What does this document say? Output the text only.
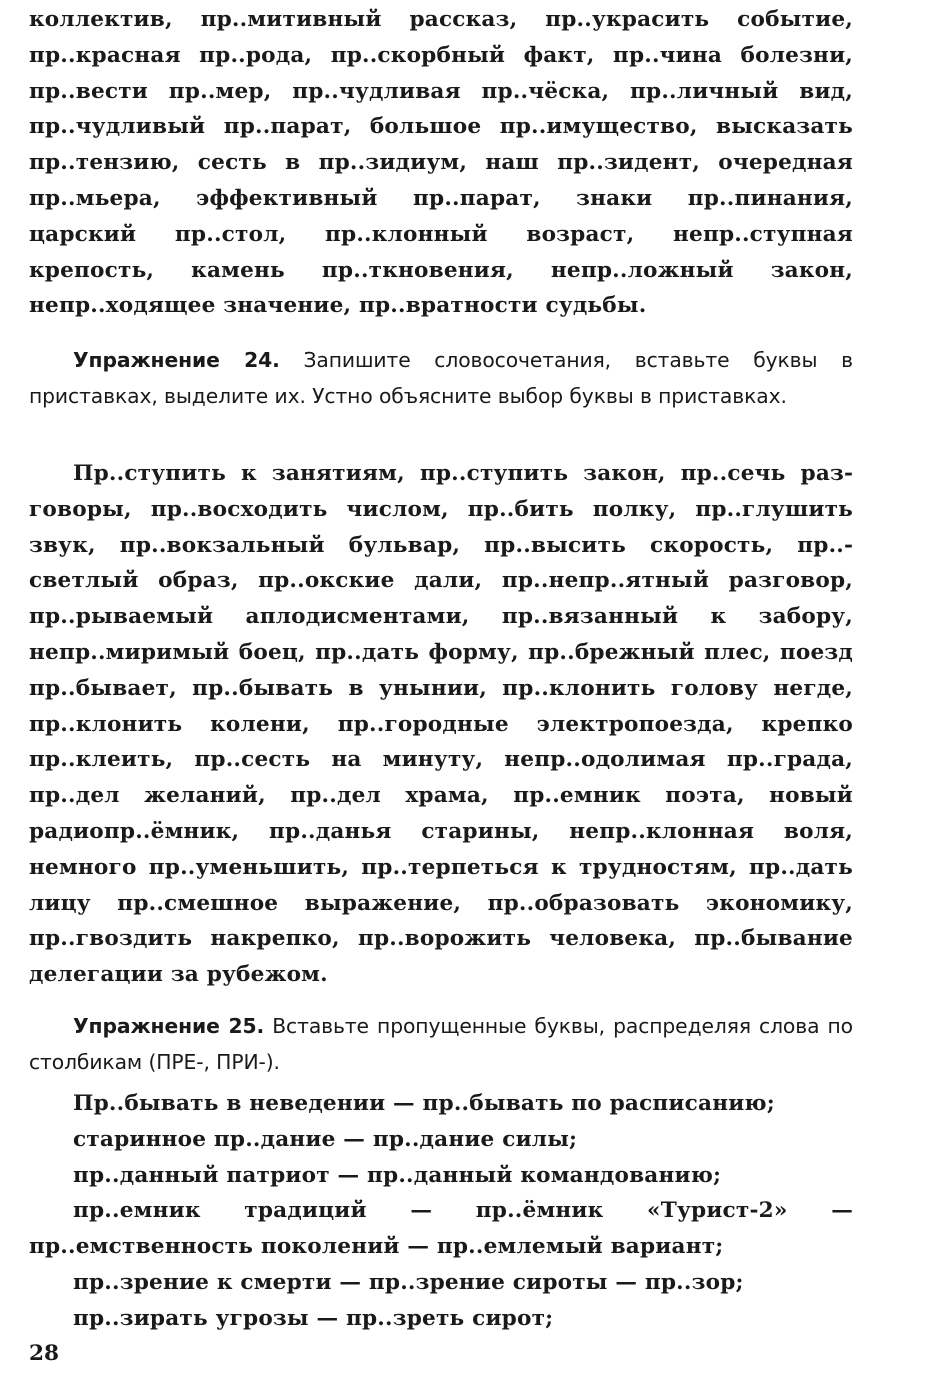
коллектив, пр..митивный рассказ, пр..украсить событие, пр..красная пр..рода, пр..скорбный факт, пр..чина болезни, пр..вести пр..мер, пр..чудливая пр..чёска, пр..личный вид, пр..чудливый пр..парат, большое пр..имущество, высказать пр..тензию, сесть в пр..зидиум, наш пр..зидент, очередная пр..мьера, эффективный пр..парат, знаки пр..пинания, царский пр..стол, пр..клонный возраст, непр..ступная крепость, камень пр..ткновения, непр..ложный закон, непр..ходящее значение, пр..вратности судьбы.

Упражнение 24. Запишите словосочетания, вставьте буквы в приставках, выделите их. Устно объясните выбор буквы в приставках.

Пр..ступить к занятиям, пр..ступить закон, пр..сечь разговоры, пр..восходить числом, пр..бить полку, пр..глушить звук, пр..вокзальный бульвар, пр..высить скорость, пр..светлый образ, пр..окские дали, пр..непр..ятный разговор, пр..рываемый аплодисментами, пр..вязанный к забору, непр..миримый боец, пр..дать форму, пр..брежный плес, поезд пр..бывает, пр..бывать в унынии, пр..клонить голову негде, пр..клонить колени, пр..городные электропоезда, крепко пр..клеить, пр..сесть на минуту, непр..одолимая пр..града, пр..дел желаний, пр..дел храма, пр..емник поэта, новый радиопр..ёмник, пр..данья старины, непр..клонная воля, немного пр..уменьшить, пр..терпеться к трудностям, пр..дать лицу пр..смешное выражение, пр..образовать экономику, пр..гвоздить накрепко, пр..ворожить человека, пр..бывание делегации за рубежом.

Упражнение 25. Вставьте пропущенные буквы, распределяя слова по столбикам (ПРЕ-, ПРИ-).

Пр..бывать в неведении — пр..бывать по расписанию;
старинное пр..дание — пр..дание силы;
пр..данный патриот — пр..данный командованию;
пр..емник традиций — пр..ёмник «Турист-2» —
пр..емственность поколений — пр..емлемый вариант;
пр..зрение к смерти — пр..зрение сироты — пр..зор;
пр..зирать угрозы — пр..зреть сирот;

28
